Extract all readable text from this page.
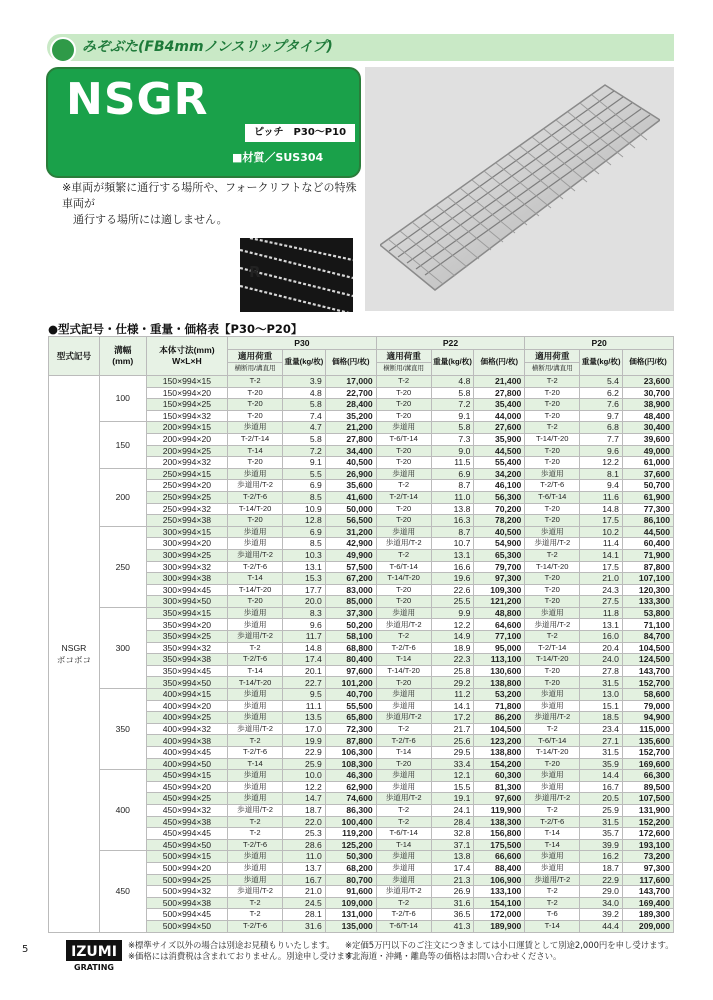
みぞぶた(FB4mmノンスリップタイプ)
NSGR
ピッチ　P30～P10
■材質／SUS304
※車両が頻繁に通行する場所や、フォークリフトなどの特殊車両が
　通行する場所には適しません。
R
●型式記号・仕様・重量・価格表【P30～P20】
型式記号	溝幅
(mm)	本体寸法(mm)
W×L×H	P30			P22			P20		
			適用荷重	重量(kg/枚)	価格(円/枚)	適用荷重	重量(kg/枚)	価格(円/枚)	適用荷重	重量(kg/枚)	価格(円/枚)
			横断用/溝直用			横断用/溝直用			横断用/溝直用		

NSGR
ボコボコ	100	150×994×15	T-2	3.9	17,000	T-2	4.8	21,400	T-2	5.4	23,600
		150×994×20	T-20	4.8	22,700	T-20	5.8	27,800	T-20	6.2	30,700
		150×994×25	T-20	5.8	28,400	T-20	7.2	35,400	T-20	7.6	38,900
		150×994×32	T-20	7.4	35,200	T-20	9.1	44,000	T-20	9.7	48,400
	150	200×994×15	歩道用	4.7	21,200	歩道用	5.8	27,600	T-2	6.8	30,400
		200×994×20	T-2/T-14	5.8	27,800	T-6/T-14	7.3	35,900	T-14/T-20	7.7	39,600
		200×994×25	T-14	7.2	34,400	T-20	9.0	44,500	T-20	9.6	49,000
		200×994×32	T-20	9.1	40,500	T-20	11.5	55,400	T-20	12.2	61,000
	200	250×994×15	歩道用	5.5	26,900	歩道用	6.9	34,200	歩道用	8.1	37,600
		250×994×20	歩道用/T-2	6.9	35,600	T-2	8.7	46,100	T-2/T-6	9.4	50,700
		250×994×25	T-2/T-6	8.5	41,600	T-2/T-14	11.0	56,300	T-6/T-14	11.6	61,900
		250×994×32	T-14/T-20	10.9	50,000	T-20	13.8	70,200	T-20	14.8	77,300
		250×994×38	T-20	12.8	56,500	T-20	16.3	78,200	T-20	17.5	86,100
	250	300×994×15	歩道用	6.9	31,200	歩道用	8.7	40,500	歩道用	10.2	44,500
		300×994×20	歩道用	8.5	42,900	歩道用/T-2	10.7	54,900	歩道用/T-2	11.4	60,400
		300×994×25	歩道用/T-2	10.3	49,900	T-2	13.1	65,300	T-2	14.1	71,900
		300×994×32	T-2/T-6	13.1	57,500	T-6/T-14	16.6	79,700	T-14/T-20	17.5	87,800
		300×994×38	T-14	15.3	67,200	T-14/T-20	19.6	97,300	T-20	21.0	107,100
		300×994×45	T-14/T-20	17.7	83,000	T-20	22.6	109,300	T-20	24.3	120,300
		300×994×50	T-20	20.0	85,000	T-20	25.5	121,200	T-20	27.5	133,300
	300	350×994×15	歩道用	8.3	37,300	歩道用	9.9	48,800	歩道用	11.8	53,800
		350×994×20	歩道用	9.6	50,200	歩道用/T-2	12.2	64,600	歩道用/T-2	13.1	71,100
		350×994×25	歩道用/T-2	11.7	58,100	T-2	14.9	77,100	T-2	16.0	84,700
		350×994×32	T-2	14.8	68,800	T-2/T-6	18.9	95,000	T-2/T-14	20.4	104,500
		350×994×38	T-2/T-6	17.4	80,400	T-14	22.3	113,100	T-14/T-20	24.0	124,500
		350×994×45	T-14	20.1	97,600	T-14/T-20	25.8	130,600	T-20	27.8	143,700
		350×994×50	T-14/T-20	22.7	101,200	T-20	29.2	138,800	T-20	31.5	152,700
	350	400×994×15	歩道用	9.5	40,700	歩道用	11.2	53,200	歩道用	13.0	58,600
		400×994×20	歩道用	11.1	55,500	歩道用	14.1	71,800	歩道用	15.1	79,000
		400×994×25	歩道用	13.5	65,800	歩道用/T-2	17.2	86,200	歩道用/T-2	18.5	94,900
		400×994×32	歩道用/T-2	17.0	72,300	T-2	21.7	104,500	T-2	23.4	115,000
		400×994×38	T-2	19.9	87,800	T-2/T-6	25.6	123,200	T-6/T-14	27.1	135,600
		400×994×45	T-2/T-6	22.9	106,300	T-14	29.5	138,800	T-14/T-20	31.5	152,700
		400×994×50	T-14	25.9	108,300	T-20	33.4	154,200	T-20	35.9	169,600
	400	450×994×15	歩道用	10.0	46,300	歩道用	12.1	60,300	歩道用	14.4	66,300
		450×994×20	歩道用	12.2	62,900	歩道用	15.5	81,300	歩道用	16.7	89,500
		450×994×25	歩道用	14.7	74,600	歩道用/T-2	19.1	97,600	歩道用/T-2	20.5	107,500
		450×994×32	歩道用/T-2	18.7	86,300	T-2	24.1	119,900	T-2	25.9	131,900
		450×994×38	T-2	22.0	100,400	T-2	28.4	138,300	T-2/T-6	31.5	152,200
		450×994×45	T-2	25.3	119,200	T-6/T-14	32.8	156,800	T-14	35.7	172,600
		450×994×50	T-2/T-6	28.6	125,200	T-14	37.1	175,500	T-14	39.9	193,100
	450	500×994×15	歩道用	11.0	50,300	歩道用	13.8	66,600	歩道用	16.2	73,200
		500×994×20	歩道用	13.7	68,200	歩道用	17.4	88,400	歩道用	18.7	97,300
		500×994×25	歩道用	16.7	80,700	歩道用	21.3	106,900	歩道用/T-2	22.9	117,600
		500×994×32	歩道用/T-2	21.0	91,600	歩道用/T-2	26.9	133,100	T-2	29.0	143,700
		500×994×38	T-2	24.5	109,000	T-2	31.6	154,100	T-2	34.0	169,400
		500×994×45	T-2	28.1	131,000	T-2/T-6	36.5	172,000	T-6	39.2	189,300
		500×994×50	T-2/T-6	31.6	135,000	T-6/T-14	41.3	189,900	T-14	44.4	209,000
5	IZUMI
GRATING
※標準サイズ以外の場合は別途お見積もりいたします。
※価格には消費税は含まれておりません。別途申し受けます。
※定価5万円以下のご注文につきましては小口運賃として別途2,000円を申し受けます。
※北海道・沖縄・離島等の価格はお問い合わせください。
